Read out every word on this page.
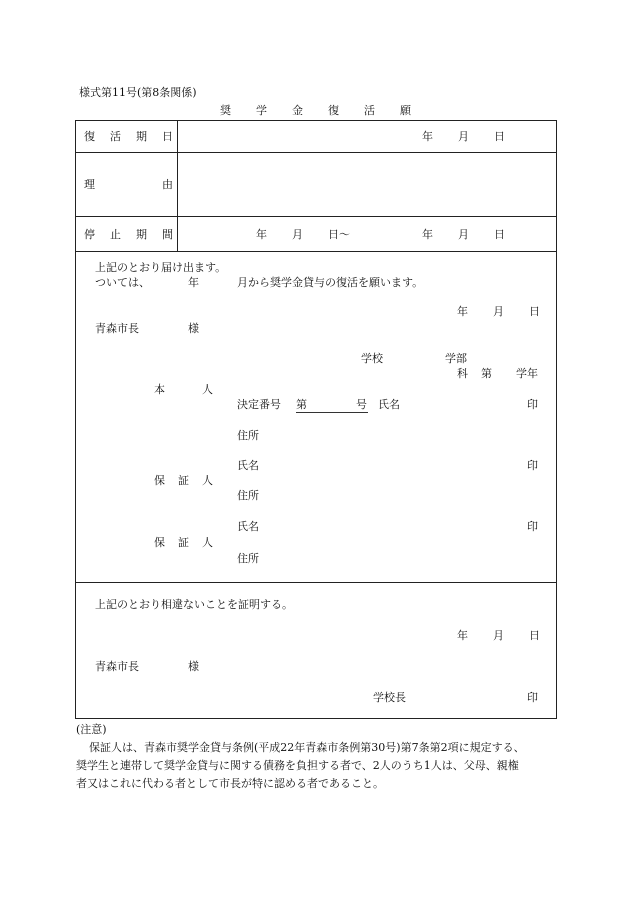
様式第11号(第8条関係)
奨 学 金 復 活 願
復 活 期 日	年 月 日
理	由
停 止 期 間	年 月 日〜	年 月 日
上記のとおり届け出ます。
ついては、	年	月から奨学金貸与の復活を願います。
年 月 日
青森市長	様
学校	学部
科 第 学年
本	人
決定番号 第	号 氏名	印
住所
氏名	印
保 証 人
住所
氏名	印
保 証 人
住所
上記のとおり相違ないことを証明する。
年 月 日
青森市長	様
学校長	印
(注意)
保証人は、青森市奨学金貸与条例(平成22年青森市条例第30号)第7条第2項に規定する、
奨学生と連帯して奨学金貸与に関する債務を負担する者で、2人のうち1人は、父母、親権
者又はこれに代わる者として市長が特に認める者であること。
